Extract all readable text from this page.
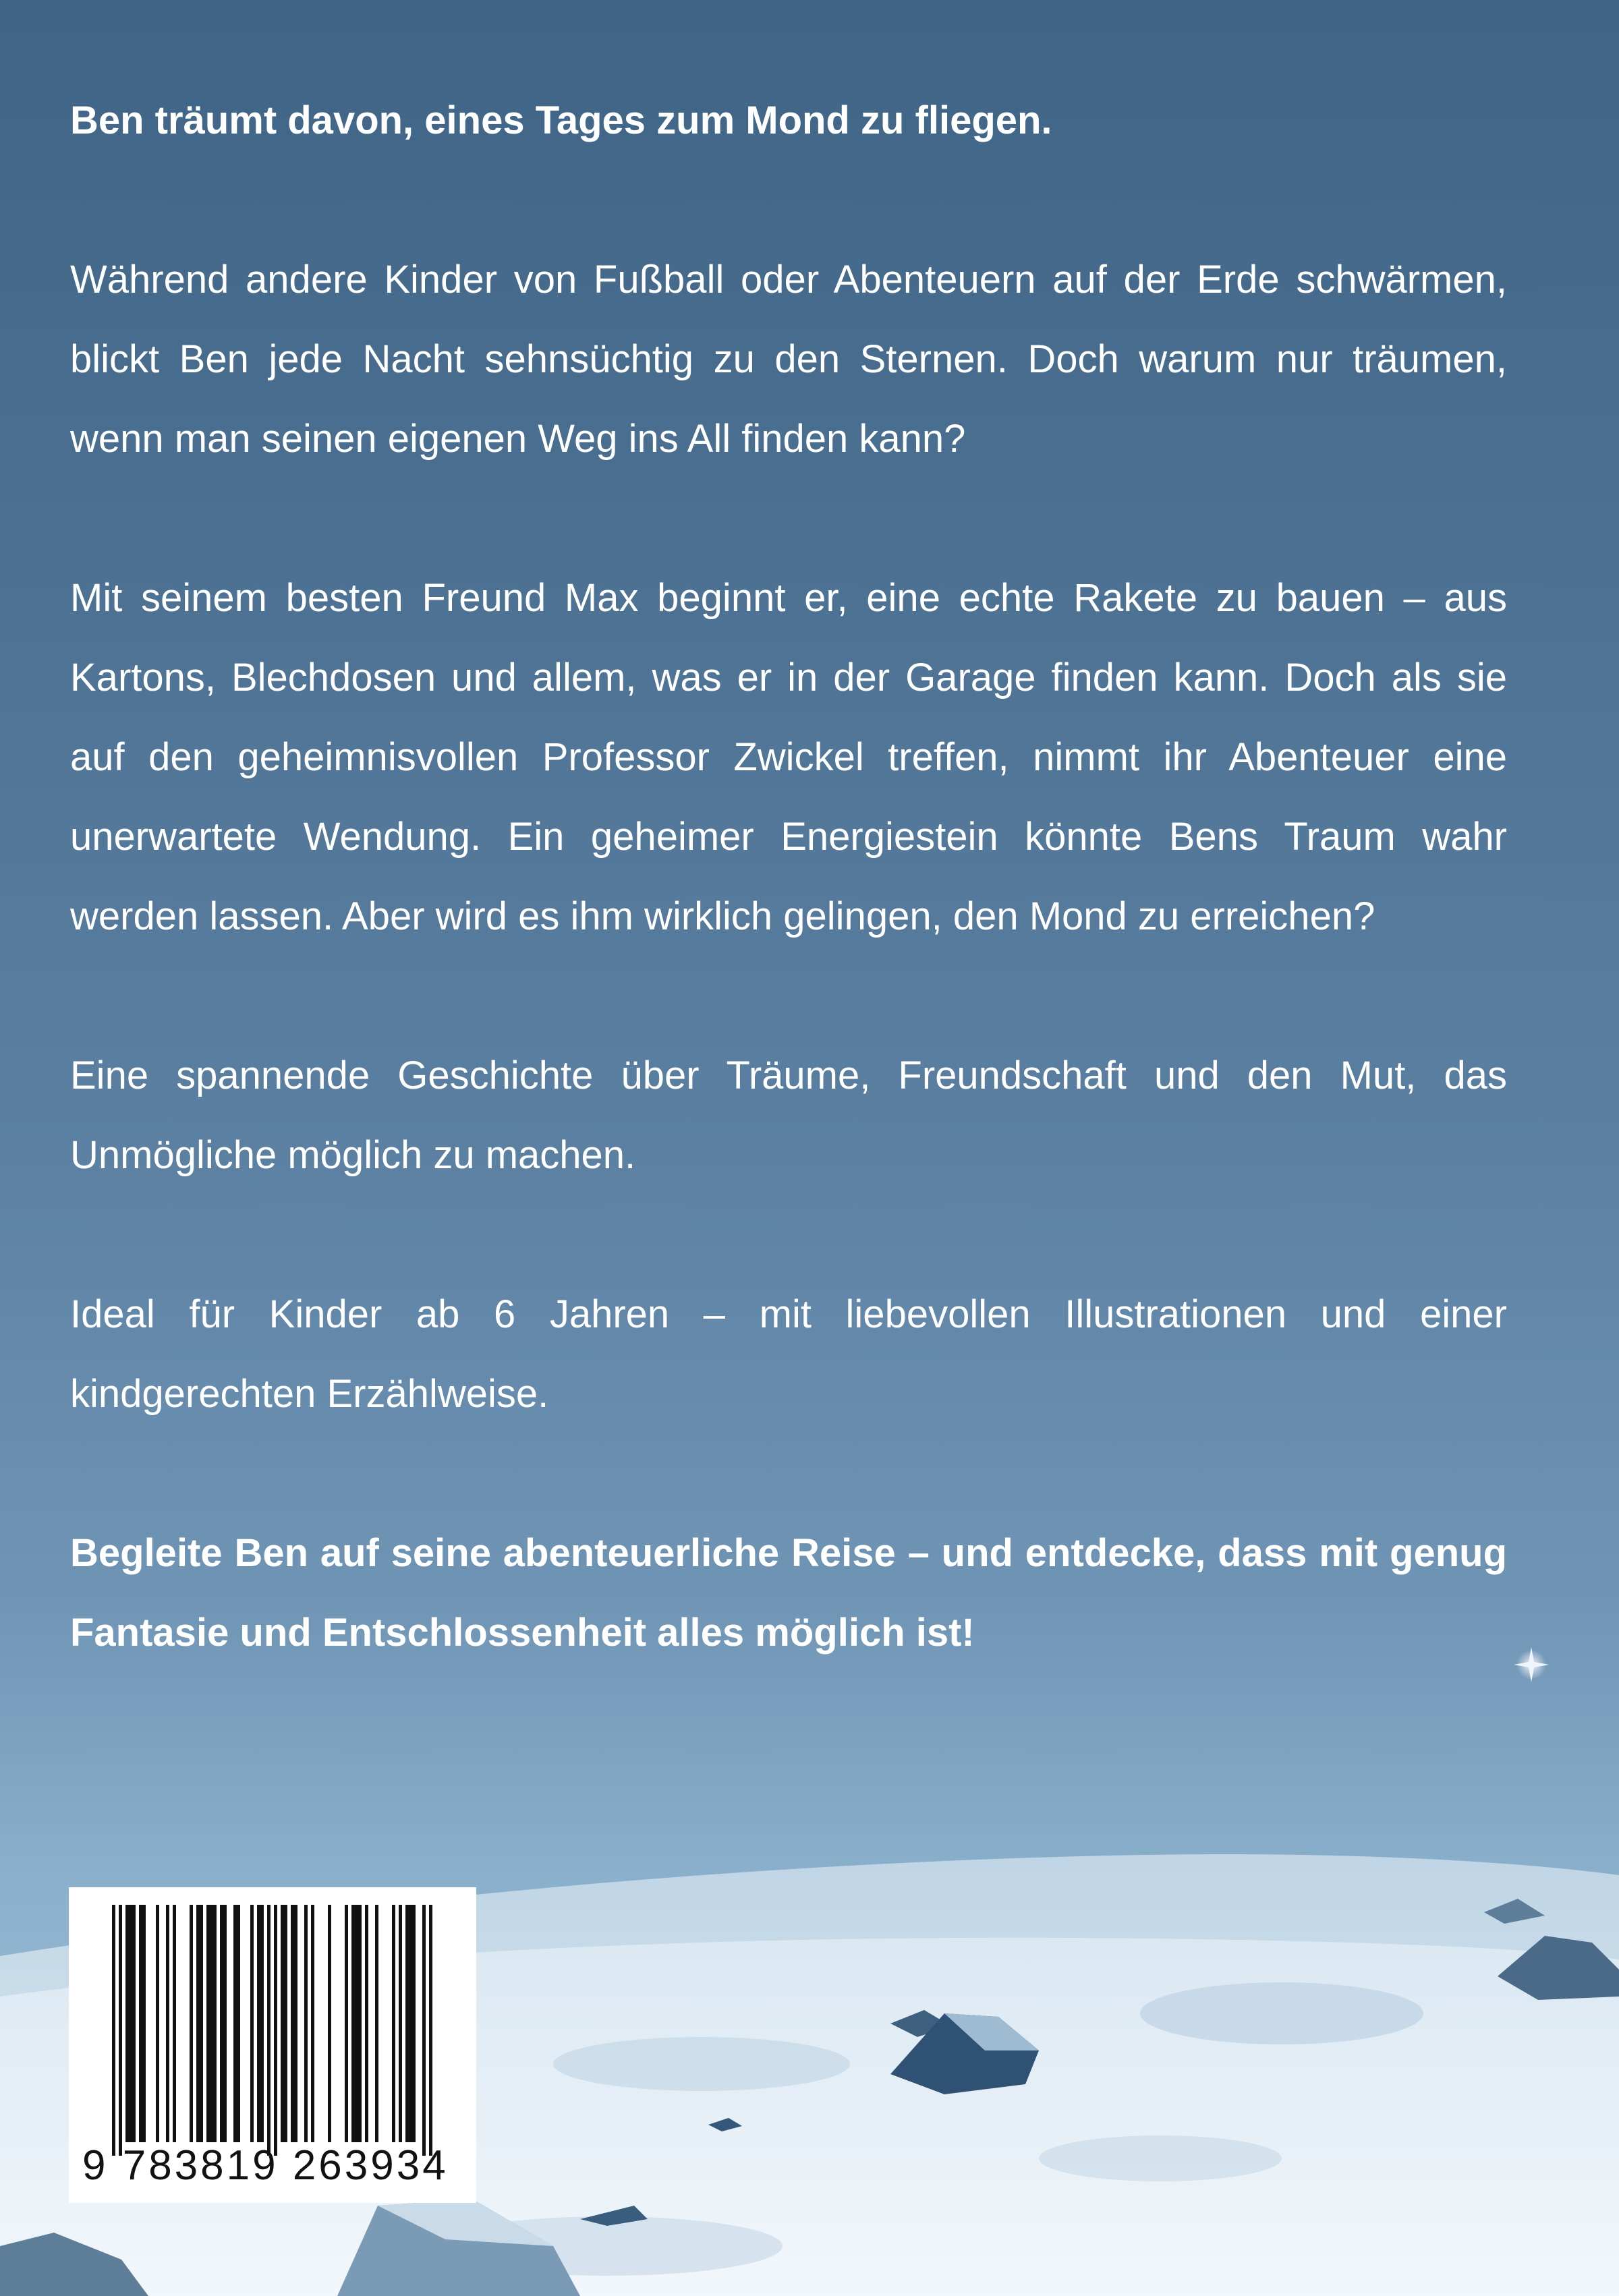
Ben träumt davon, eines Tages zum Mond zu fliegen.

Während andere Kinder von Fußball oder Abenteuern auf der Erde schwärmen, blickt Ben jede Nacht sehnsüchtig zu den Sternen. Doch warum nur träumen, wenn man seinen eigenen Weg ins All finden kann?

Mit seinem besten Freund Max beginnt er, eine echte Rakete zu bauen – aus Kartons, Blechdosen und allem, was er in der Garage finden kann. Doch als sie auf den geheimnisvollen Professor Zwickel treffen, nimmt ihr Abenteuer eine unerwartete Wendung. Ein geheimer Energiestein könnte Bens Traum wahr werden lassen. Aber wird es ihm wirklich gelingen, den Mond zu erreichen?

Eine spannende Geschichte über Träume, Freundschaft und den Mut, das Unmögliche möglich zu machen.

Ideal für Kinder ab 6 Jahren – mit liebevollen Illustrationen und einer kindgerechten Erzählweise.

Begleite Ben auf seine abenteuerliche Reise – und entdecke, dass mit genug Fantasie und Entschlossenheit alles möglich ist!

9 783819 263934
